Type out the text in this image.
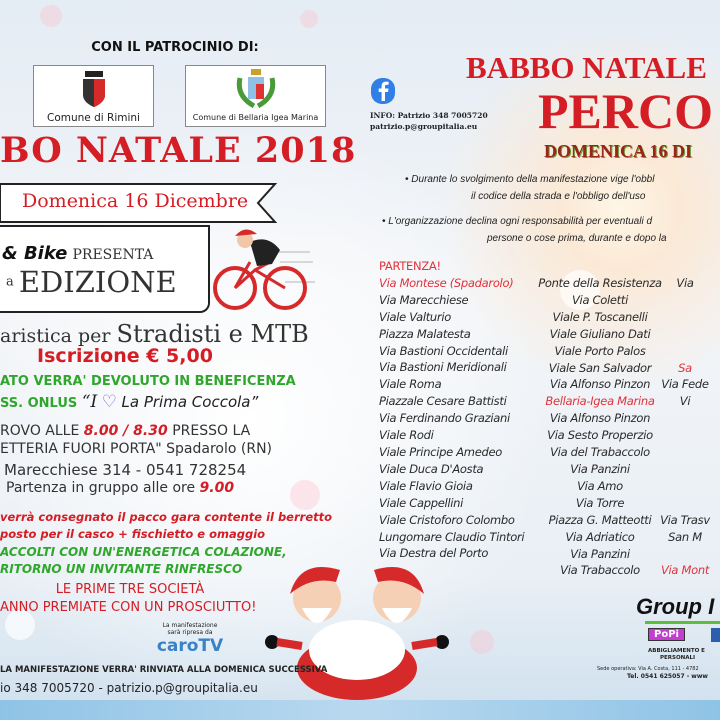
CON IL PATROCINIO DI:
Comune di Rimini	Comune di Bellaria Igea Marina
BO NATALE 2018
Domenica 16 Dicembre
& Bike PRESENTA
$^a$ EDIZIONE
aristica per Stradisti e MTB
Iscrizione € 5,00
ATO VERRA' DEVOLUTO IN BENEFICENZA
SS. ONLUS “I ♡ La Prima Coccola”
ROVO ALLE 8.00 / 8.30 PRESSO LA
ETTERIA FUORI PORTA" Spadarolo (RN)
Marecchiese 314 - 0541 728254
Partenza in gruppo alle ore 9.00
verrà consegnato il pacco gara contente il berretto
posto per il casco + fischietto e omaggio
ACCOLTI CON UN'ENERGETICA COLAZIONE,
RITORNO UN INVITANTE RINFRESCO
LE PRIME TRE SOCIETÀ
ANNO PREMIATE CON UN PROSCIUTTO!
La manifestazione
sarà ripresa da
caroTV
LA MANIFESTAZIONE VERRA' RINVIATA ALLA DOMENICA SUCCESSIVA
io 348 7005720 - patrizio.p@groupitalia.eu
BABBO NATALE
PERCO
DOMENICA 16 DI
INFO: Patrizio 348 7005720
patrizio.p@groupitalia.eu
• Durante lo svolgimento della manifestazione vige l'obbl
il codice della strada e l'obbligo dell'uso
• L'organizzazione declina ogni responsabilità per eventuali d
persone o cose prima, durante e dopo la
PARTENZA!
Via Montese (Spadarolo)
Via Marecchiese
Viale Valturio
Piazza Malatesta
Via Bastioni Occidentali
Via Bastioni Meridionali
Viale Roma
Piazzale Cesare Battisti
Via Ferdinando Graziani
Viale Rodi
Viale Principe Amedeo
Viale Duca D'Aosta
Viale Flavio Gioia
Viale Cappellini
Viale Cristoforo Colombo
Lungomare Claudio Tintori
Via Destra del Porto
Ponte della Resistenza
Via Coletti
Viale P. Toscanelli
Viale Giuliano Dati
Viale Porto Palos
Viale San Salvador
Via Alfonso Pinzon
Bellaria-Igea Marina
Via Alfonso Pinzon
Via Sesto Properzio
Via del Trabaccolo
Via Panzini
Via Amo
Via Torre
Piazza G. Matteotti
Via Adriatico
Via Panzini
Via Trabaccolo
Via

Sa
Via Fede
Vi

Via Trasv
San M

Via Mont
Group I
PoPi
ABBIGLIAMENTO E
PERSONALI
Sede operativa: Via A. Costa, 111 - 4782
Tel. 0541 625057 - www
